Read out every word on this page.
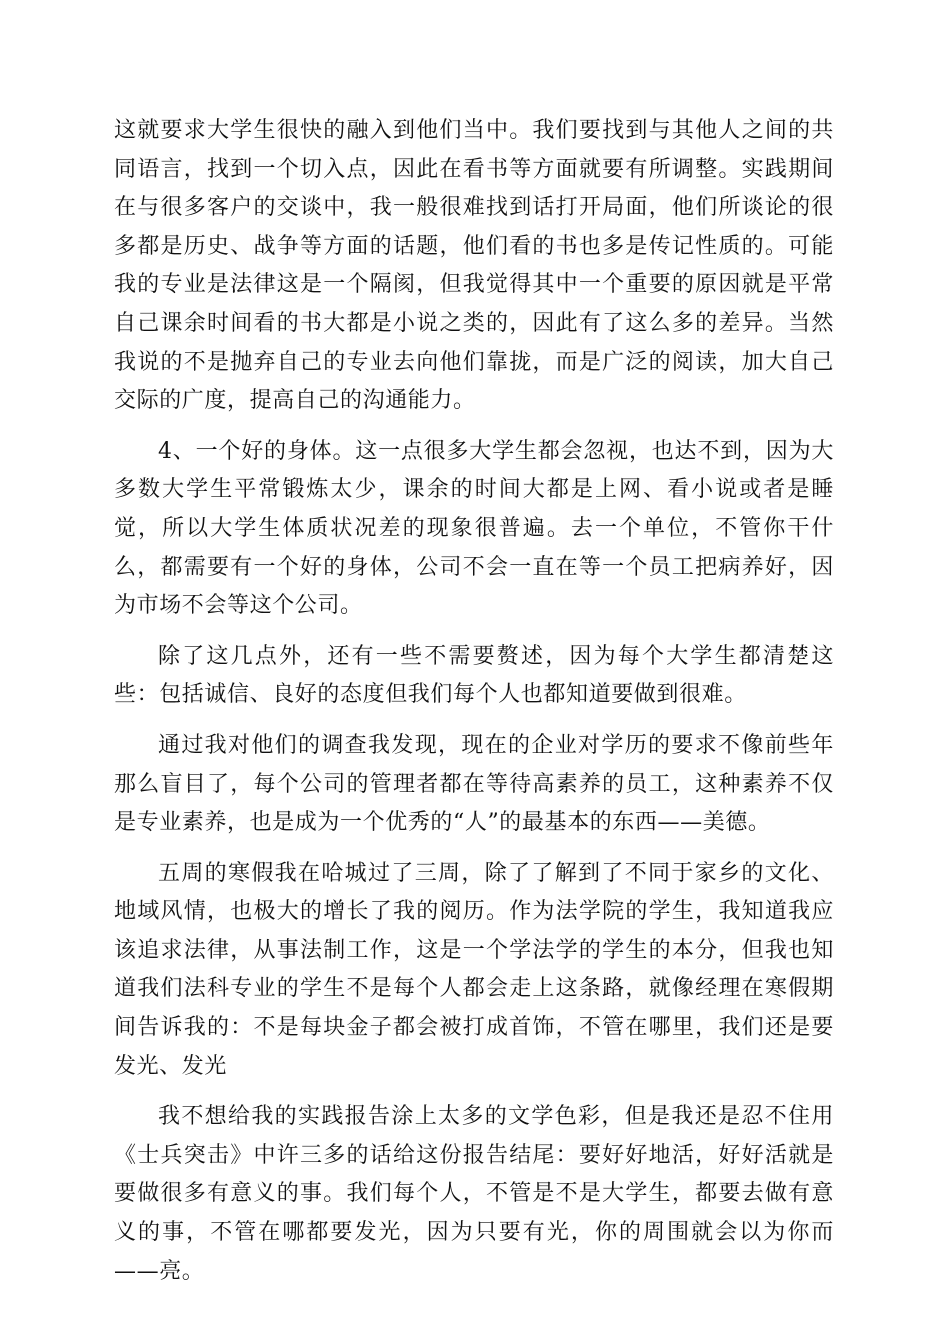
这就要求大学生很快的融入到他们当中。我们要找到与其他人之间的共同语言，找到一个切入点，因此在看书等方面就要有所调整。实践期间在与很多客户的交谈中，我一般很难找到话打开局面，他们所谈论的很多都是历史、战争等方面的话题，他们看的书也多是传记性质的。可能我的专业是法律这是一个隔阂，但我觉得其中一个重要的原因就是平常自己课余时间看的书大都是小说之类的，因此有了这么多的差异。当然我说的不是抛弃自己的专业去向他们靠拢，而是广泛的阅读，加大自己交际的广度，提高自己的沟通能力。

4、一个好的身体。这一点很多大学生都会忽视，也达不到，因为大多数大学生平常锻炼太少，课余的时间大都是上网、看小说或者是睡觉，所以大学生体质状况差的现象很普遍。去一个单位，不管你干什么，都需要有一个好的身体，公司不会一直在等一个员工把病养好，因为市场不会等这个公司。

除了这几点外，还有一些不需要赘述，因为每个大学生都清楚这些：包括诚信、良好的态度但我们每个人也都知道要做到很难。

通过我对他们的调查我发现，现在的企业对学历的要求不像前些年那么盲目了，每个公司的管理者都在等待高素养的员工，这种素养不仅是专业素养，也是成为一个优秀的“人”的最基本的东西——美德。

五周的寒假我在哈城过了三周，除了了解到了不同于家乡的文化、地域风情，也极大的增长了我的阅历。作为法学院的学生，我知道我应该追求法律，从事法制工作，这是一个学法学的学生的本分，但我也知道我们法科专业的学生不是每个人都会走上这条路，就像经理在寒假期间告诉我的：不是每块金子都会被打成首饰，不管在哪里，我们还是要发光、发光

我不想给我的实践报告涂上太多的文学色彩，但是我还是忍不住用《士兵突击》中许三多的话给这份报告结尾：要好好地活，好好活就是要做很多有意义的事。我们每个人，不管是不是大学生，都要去做有意义的事，不管在哪都要发光，因为只要有光，你的周围就会以为你而——亮。
